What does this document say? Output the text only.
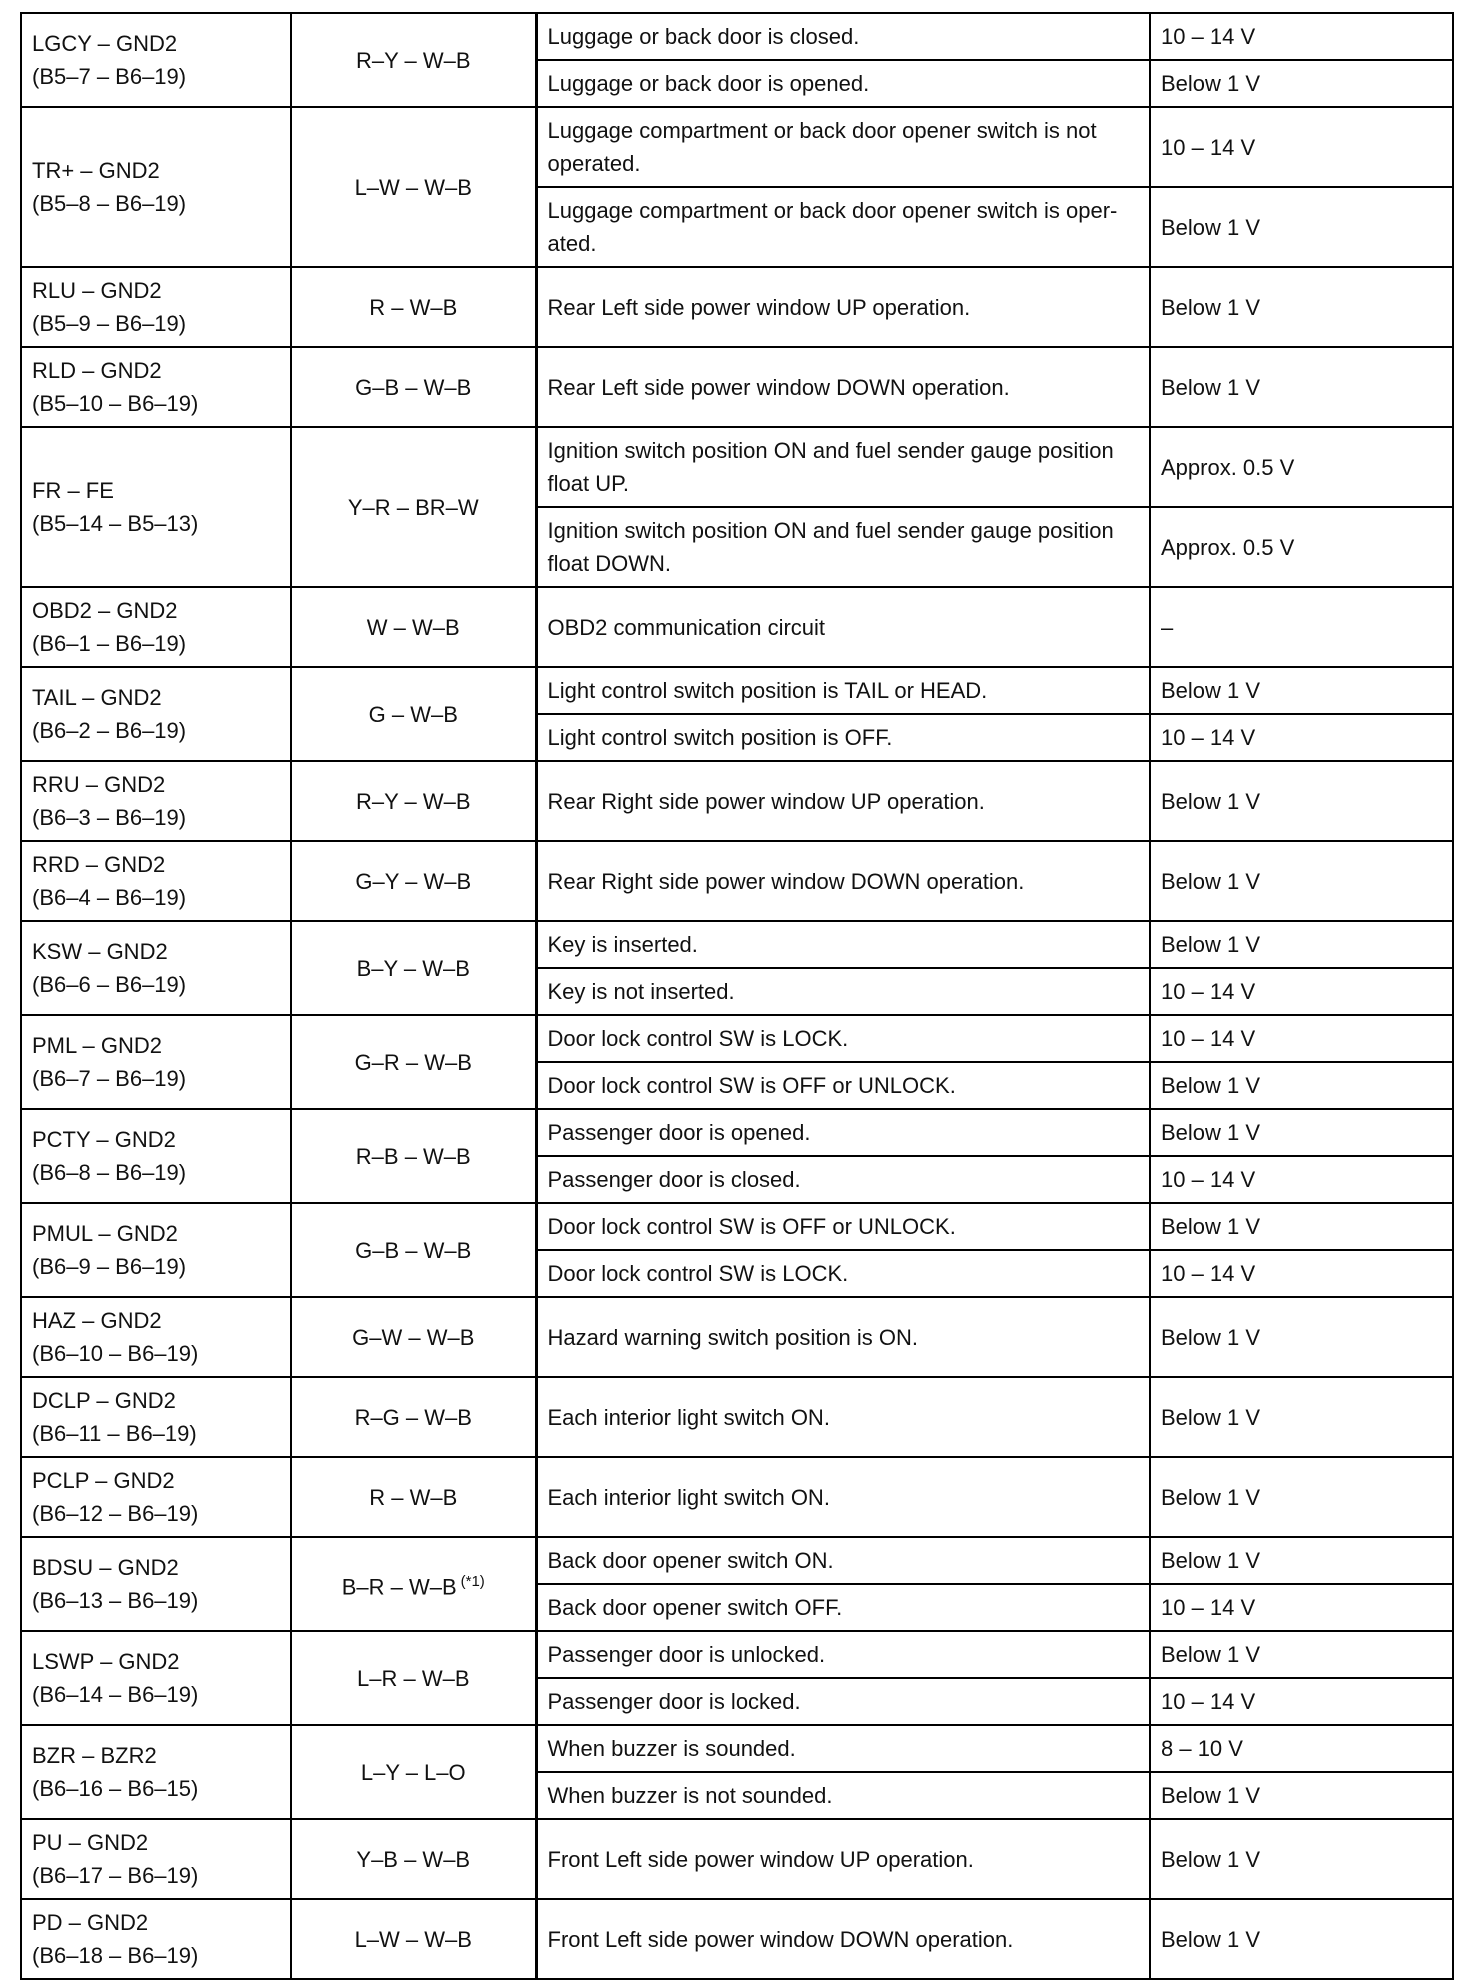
LGCY – GND2
(B5–7 – B6–19)	R–Y – W–B	Luggage or back door is closed.	10 – 14 V
		Luggage or back door is opened.	Below 1 V

TR+ – GND2
(B5–8 – B6–19)	L–W – W–B	Luggage compartment or back door opener switch is not operated.	10 – 14 V
		Luggage compartment or back door opener switch is oper- ated.	Below 1 V

RLU – GND2
(B5–9 – B6–19)	R – W–B	Rear Left side power window UP operation.	Below 1 V

RLD – GND2
(B5–10 – B6–19)	G–B – W–B	Rear Left side power window DOWN operation.	Below 1 V

FR – FE
(B5–14 – B5–13)	Y–R – BR–W	Ignition switch position ON and fuel sender gauge position float UP.	Approx. 0.5 V
		Ignition switch position ON and fuel sender gauge position float DOWN.	Approx. 0.5 V

OBD2 – GND2
(B6–1 – B6–19)	W – W–B	OBD2 communication circuit	–

TAIL – GND2
(B6–2 – B6–19)	G – W–B	Light control switch position is TAIL or HEAD.	Below 1 V
		Light control switch position is OFF.	10 – 14 V

RRU – GND2
(B6–3 – B6–19)	R–Y – W–B	Rear Right side power window UP operation.	Below 1 V

RRD – GND2
(B6–4 – B6–19)	G–Y – W–B	Rear Right side power window DOWN operation.	Below 1 V

KSW – GND2
(B6–6 – B6–19)	B–Y – W–B	Key is inserted.	Below 1 V
		Key is not inserted.	10 – 14 V

PML – GND2
(B6–7 – B6–19)	G–R – W–B	Door lock control SW is LOCK.	10 – 14 V
		Door lock control SW is OFF or UNLOCK.	Below 1 V

PCTY – GND2
(B6–8 – B6–19)	R–B – W–B	Passenger door is opened.	Below 1 V
		Passenger door is closed.	10 – 14 V

PMUL – GND2
(B6–9 – B6–19)	G–B – W–B	Door lock control SW is OFF or UNLOCK.	Below 1 V
		Door lock control SW is LOCK.	10 – 14 V

HAZ – GND2
(B6–10 – B6–19)	G–W – W–B	Hazard warning switch position is ON.	Below 1 V

DCLP – GND2
(B6–11 – B6–19)	R–G – W–B	Each interior light switch ON.	Below 1 V

PCLP – GND2
(B6–12 – B6–19)	R – W–B	Each interior light switch ON.	Below 1 V

BDSU – GND2
(B6–13 – B6–19)	B–R – W–B $^{(*1)}$	Back door opener switch ON.	Below 1 V
		Back door opener switch OFF.	10 – 14 V

LSWP – GND2
(B6–14 – B6–19)	L–R – W–B	Passenger door is unlocked.	Below 1 V
		Passenger door is locked.	10 – 14 V

BZR – BZR2
(B6–16 – B6–15)	L–Y – L–O	When buzzer is sounded.	8 – 10 V
		When buzzer is not sounded.	Below 1 V

PU – GND2
(B6–17 – B6–19)	Y–B – W–B	Front Left side power window UP operation.	Below 1 V

PD – GND2
(B6–18 – B6–19)	L–W – W–B	Front Left side power window DOWN operation.	Below 1 V
